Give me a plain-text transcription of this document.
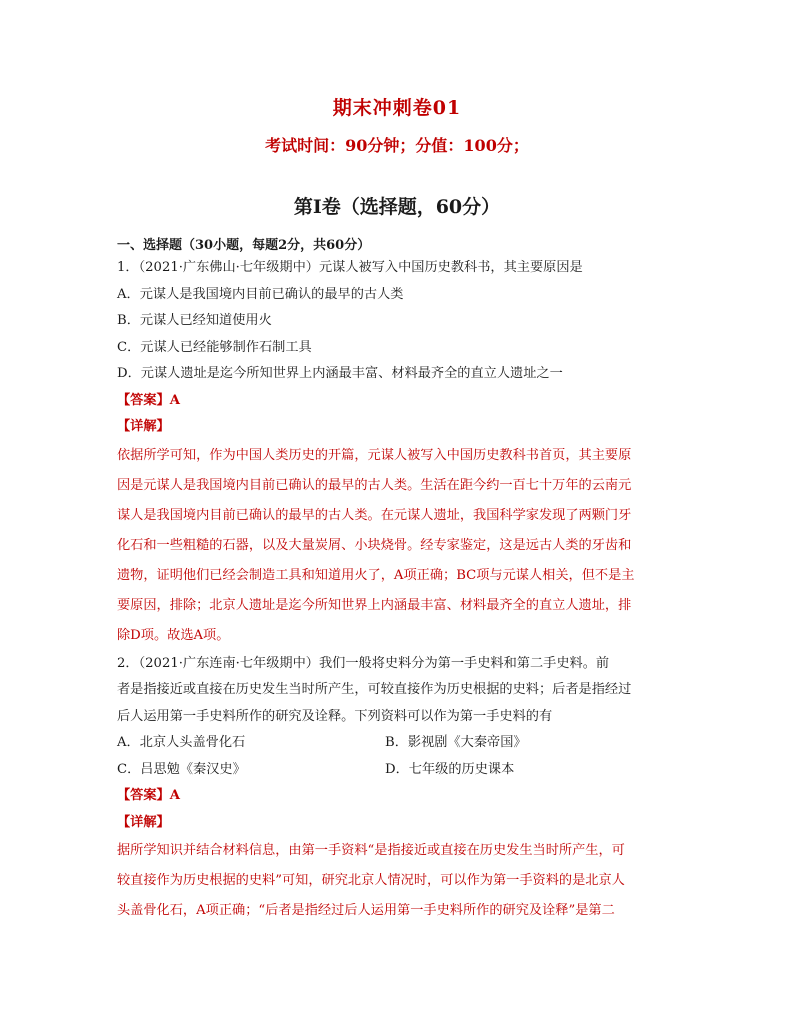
期末冲刺卷01
考试时间：90分钟；分值：100分；
第I卷（选择题，60分）
一、选择题（30小题，每题2分，共60分）
1．（2021·广东佛山·七年级期中）元谋人被写入中国历史教科书，其主要原因是
A．元谋人是我国境内目前已确认的最早的古人类
B．元谋人已经知道使用火
C．元谋人已经能够制作石制工具
D．元谋人遗址是迄今所知世界上内涵最丰富、材料最齐全的直立人遗址之一
【答案】A
【详解】
依据所学可知，作为中国人类历史的开篇，元谋人被写入中国历史教科书首页，其主要原
因是元谋人是我国境内目前已确认的最早的古人类。生活在距今约一百七十万年的云南元
谋人是我国境内目前已确认的最早的古人类。在元谋人遗址，我国科学家发现了两颗门牙
化石和一些粗糙的石器，以及大量炭屑、小块烧骨。经专家鉴定，这是远古人类的牙齿和
遗物，证明他们已经会制造工具和知道用火了，A项正确；BC项与元谋人相关，但不是主
要原因，排除；北京人遗址是迄今所知世界上内涵最丰富、材料最齐全的直立人遗址，排
除D项。故选A项。
2．（2021·广东连南·七年级期中）我们一般将史料分为第一手史料和第二手史料。前
者是指接近或直接在历史发生当时所产生，可较直接作为历史根据的史料；后者是指经过
后人运用第一手史料所作的研究及诠释。下列资料可以作为第一手史料的有
A．北京人头盖骨化石	B．影视剧《大秦帝国》
C．吕思勉《秦汉史》	D．七年级的历史课本
【答案】A
【详解】
据所学知识并结合材料信息，由第一手资料“是指接近或直接在历史发生当时所产生，可
较直接作为历史根据的史料”可知，研究北京人情况时，可以作为第一手资料的是北京人
头盖骨化石，A项正确；“后者是指经过后人运用第一手史料所作的研究及诠释”是第二
